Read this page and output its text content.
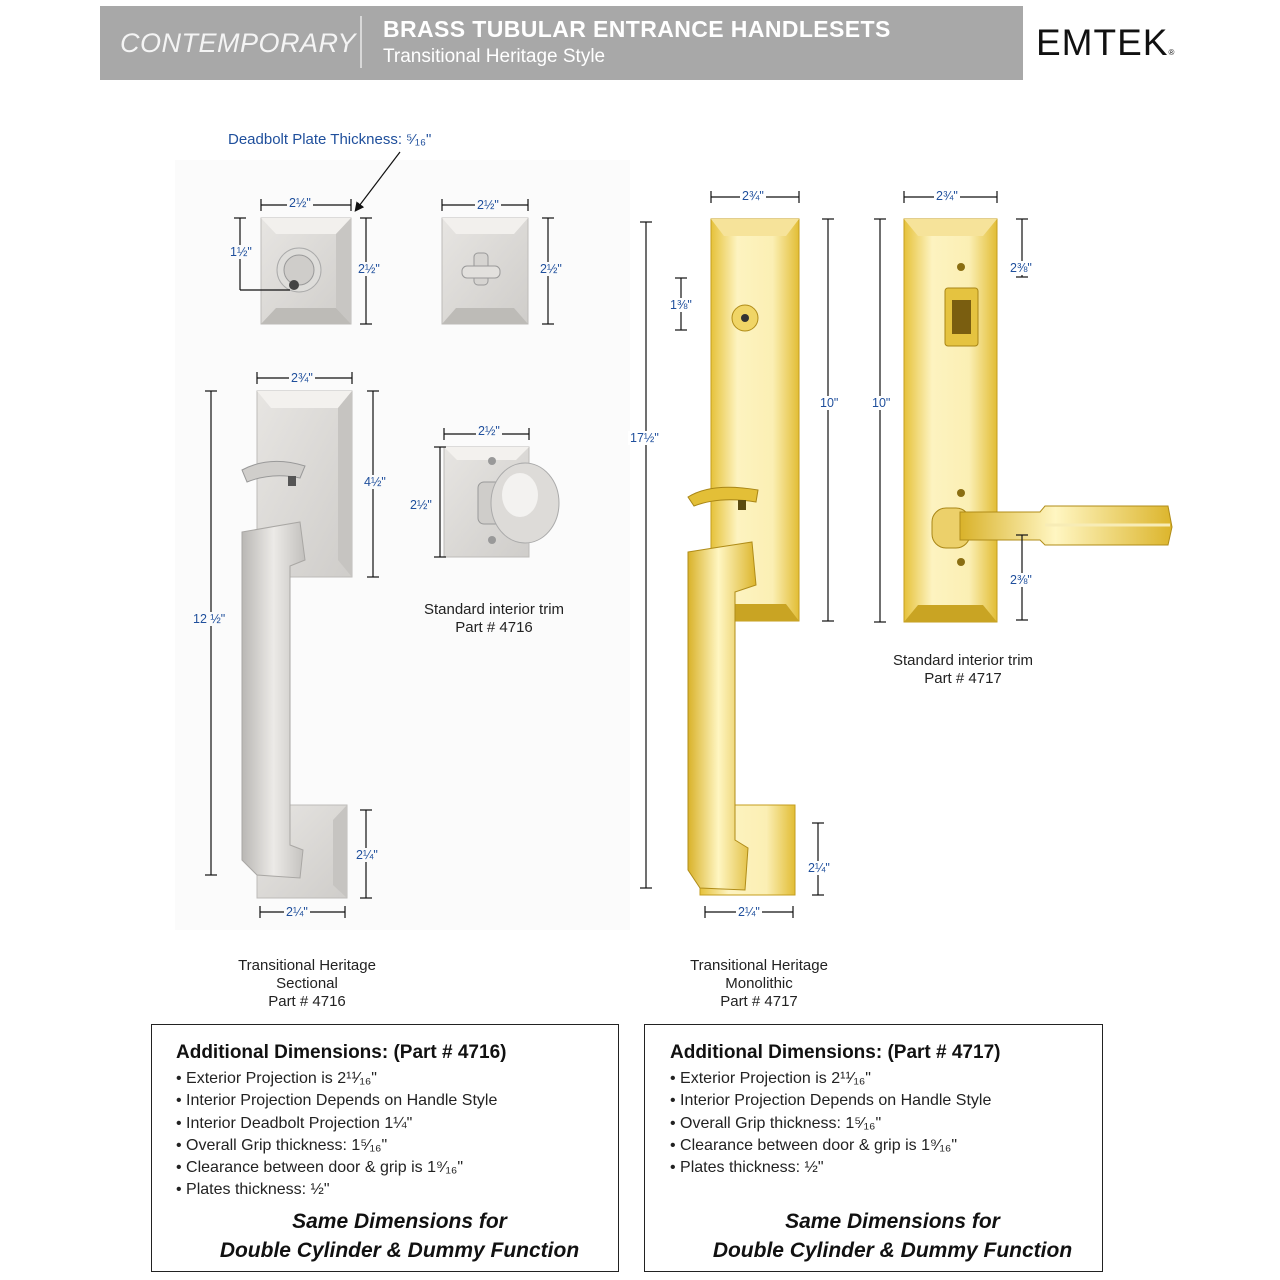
CONTEMPORARY BRASS TUBULAR ENTRANCE HANDLESETS
Transitional Heritage Style	EMTEK®
Deadbolt Plate Thickness: ⁵⁄₁₆"
2½"
1½"
2½"
2½"
2½"
2¾"
4½"
12 ½"
2¼"
2¼"
2½"
2½"
Standard interior trim
Part # 4716
Transitional Heritage
Sectional
Part # 4716
2¾"
1⅜"
17½"
10"
2¼"
2¼"
2¾"
2⅜"
10"
2⅜"
Standard interior trim
Part # 4717
Transitional Heritage
Monolithic
Part # 4717
Additional Dimensions: (Part # 4716)
• Exterior Projection is 2¹¹⁄₁₆"
• Interior Projection Depends on Handle Style
• Interior Deadbolt Projection 1¼"
• Overall Grip thickness: 1⁵⁄₁₆"
• Clearance between door & grip is 1⁹⁄₁₆"
• Plates thickness: ½"
Same Dimensions for
Double Cylinder & Dummy Function
Additional Dimensions: (Part # 4717)
• Exterior Projection is 2¹¹⁄₁₆"
• Interior Projection Depends on Handle Style
• Overall Grip thickness: 1⁵⁄₁₆"
• Clearance between door & grip is 1⁹⁄₁₆"
• Plates thickness: ½"
Same Dimensions for
Double Cylinder & Dummy Function
